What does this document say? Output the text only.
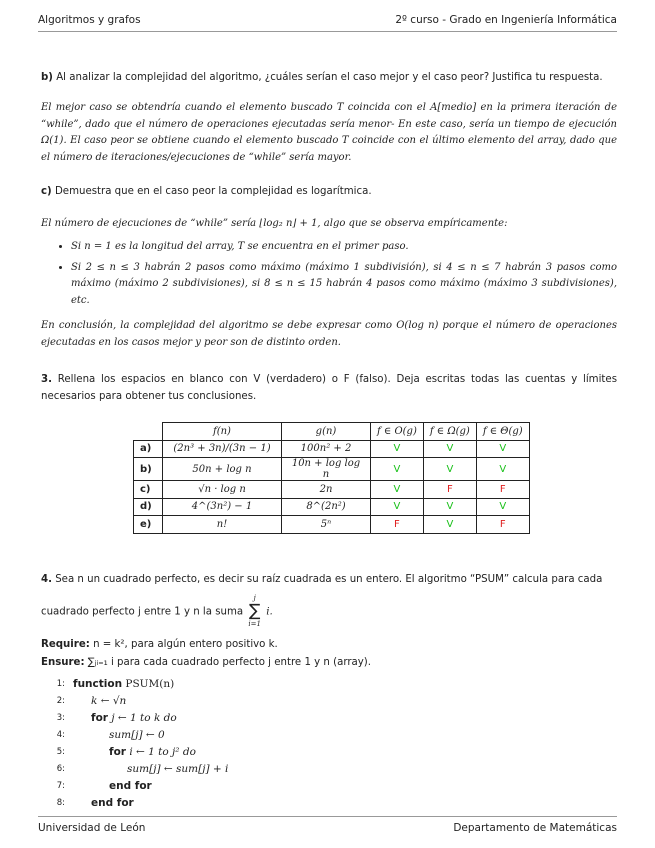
Algoritmos y grafos	2º curso - Grado en Ingeniería Informática
b) Al analizar la complejidad del algoritmo, ¿cuáles serían el caso mejor y el caso peor? Justifica tu respuesta.
El mejor caso se obtendría cuando el elemento buscado T coincida con el A[medio] en la primera iteración de “while”, dado que el número de operaciones ejecutadas sería menor- En este caso, sería un tiempo de ejecución Ω(1). El caso peor se obtiene cuando el elemento buscado T coincide con el último elemento del array, dado que el número de iteraciones/ejecuciones de “while” sería mayor.
c) Demuestra que en el caso peor la complejidad es logarítmica.
El número de ejecuciones de “while” sería ⌊log₂ n⌋ + 1, algo que se observa empíricamente:
• Si n = 1 es la longitud del array, T se encuentra en el primer paso.
• Si 2 ≤ n ≤ 3 habrán 2 pasos como máximo (máximo 1 subdivisión), si 4 ≤ n ≤ 7 habrán 3 pasos como máximo (máximo 2 subdivisiones), si 8 ≤ n ≤ 15 habrán 4 pasos como máximo (máximo 3 subdivisiones), etc.
En conclusión, la complejidad del algoritmo se debe expresar como O(log n) porque el número de operaciones ejecutadas en los casos mejor y peor son de distinto orden.
3. Rellena los espacios en blanco con V (verdadero) o F (falso). Deja escritas todas las cuentas y límites necesarios para obtener tus conclusiones.
	f(n)	g(n)	f ∈ O(g)	f ∈ Ω(g)	f ∈ Θ(g)
a)	(2n³ + 3n)/(3n − 1)	100n² + 2	V	V	V
b)	50n + log n	10n + log log n	V	V	V
c)	√n · log n	2n	V	F	F
d)	4^(3n²) − 1	8^(2n²)	V	V	V
e)	n!	5ⁿ	F	V	F
4. Sea n un cuadrado perfecto, es decir su raíz cuadrada es un entero. El algoritmo “PSUM” calcula para cada
cuadrado perfecto j entre 1 y n la suma
j
∑
i=1
i.
Require: n = k², para algún entero positivo k.
Ensure: ∑ⱼᵢ₌₁ i para cada cuadrado perfecto j entre 1 y n (array).
1: function
PSUM(n)
2: k ← √n
3: for
j ← 1 to k do
4:	sum[j] ← 0
5:	for
i ← 1 to j² do
6:	sum[j] ← sum[j] + i
7:	end for
8: end for
Universidad de León	Departamento de Matemáticas
